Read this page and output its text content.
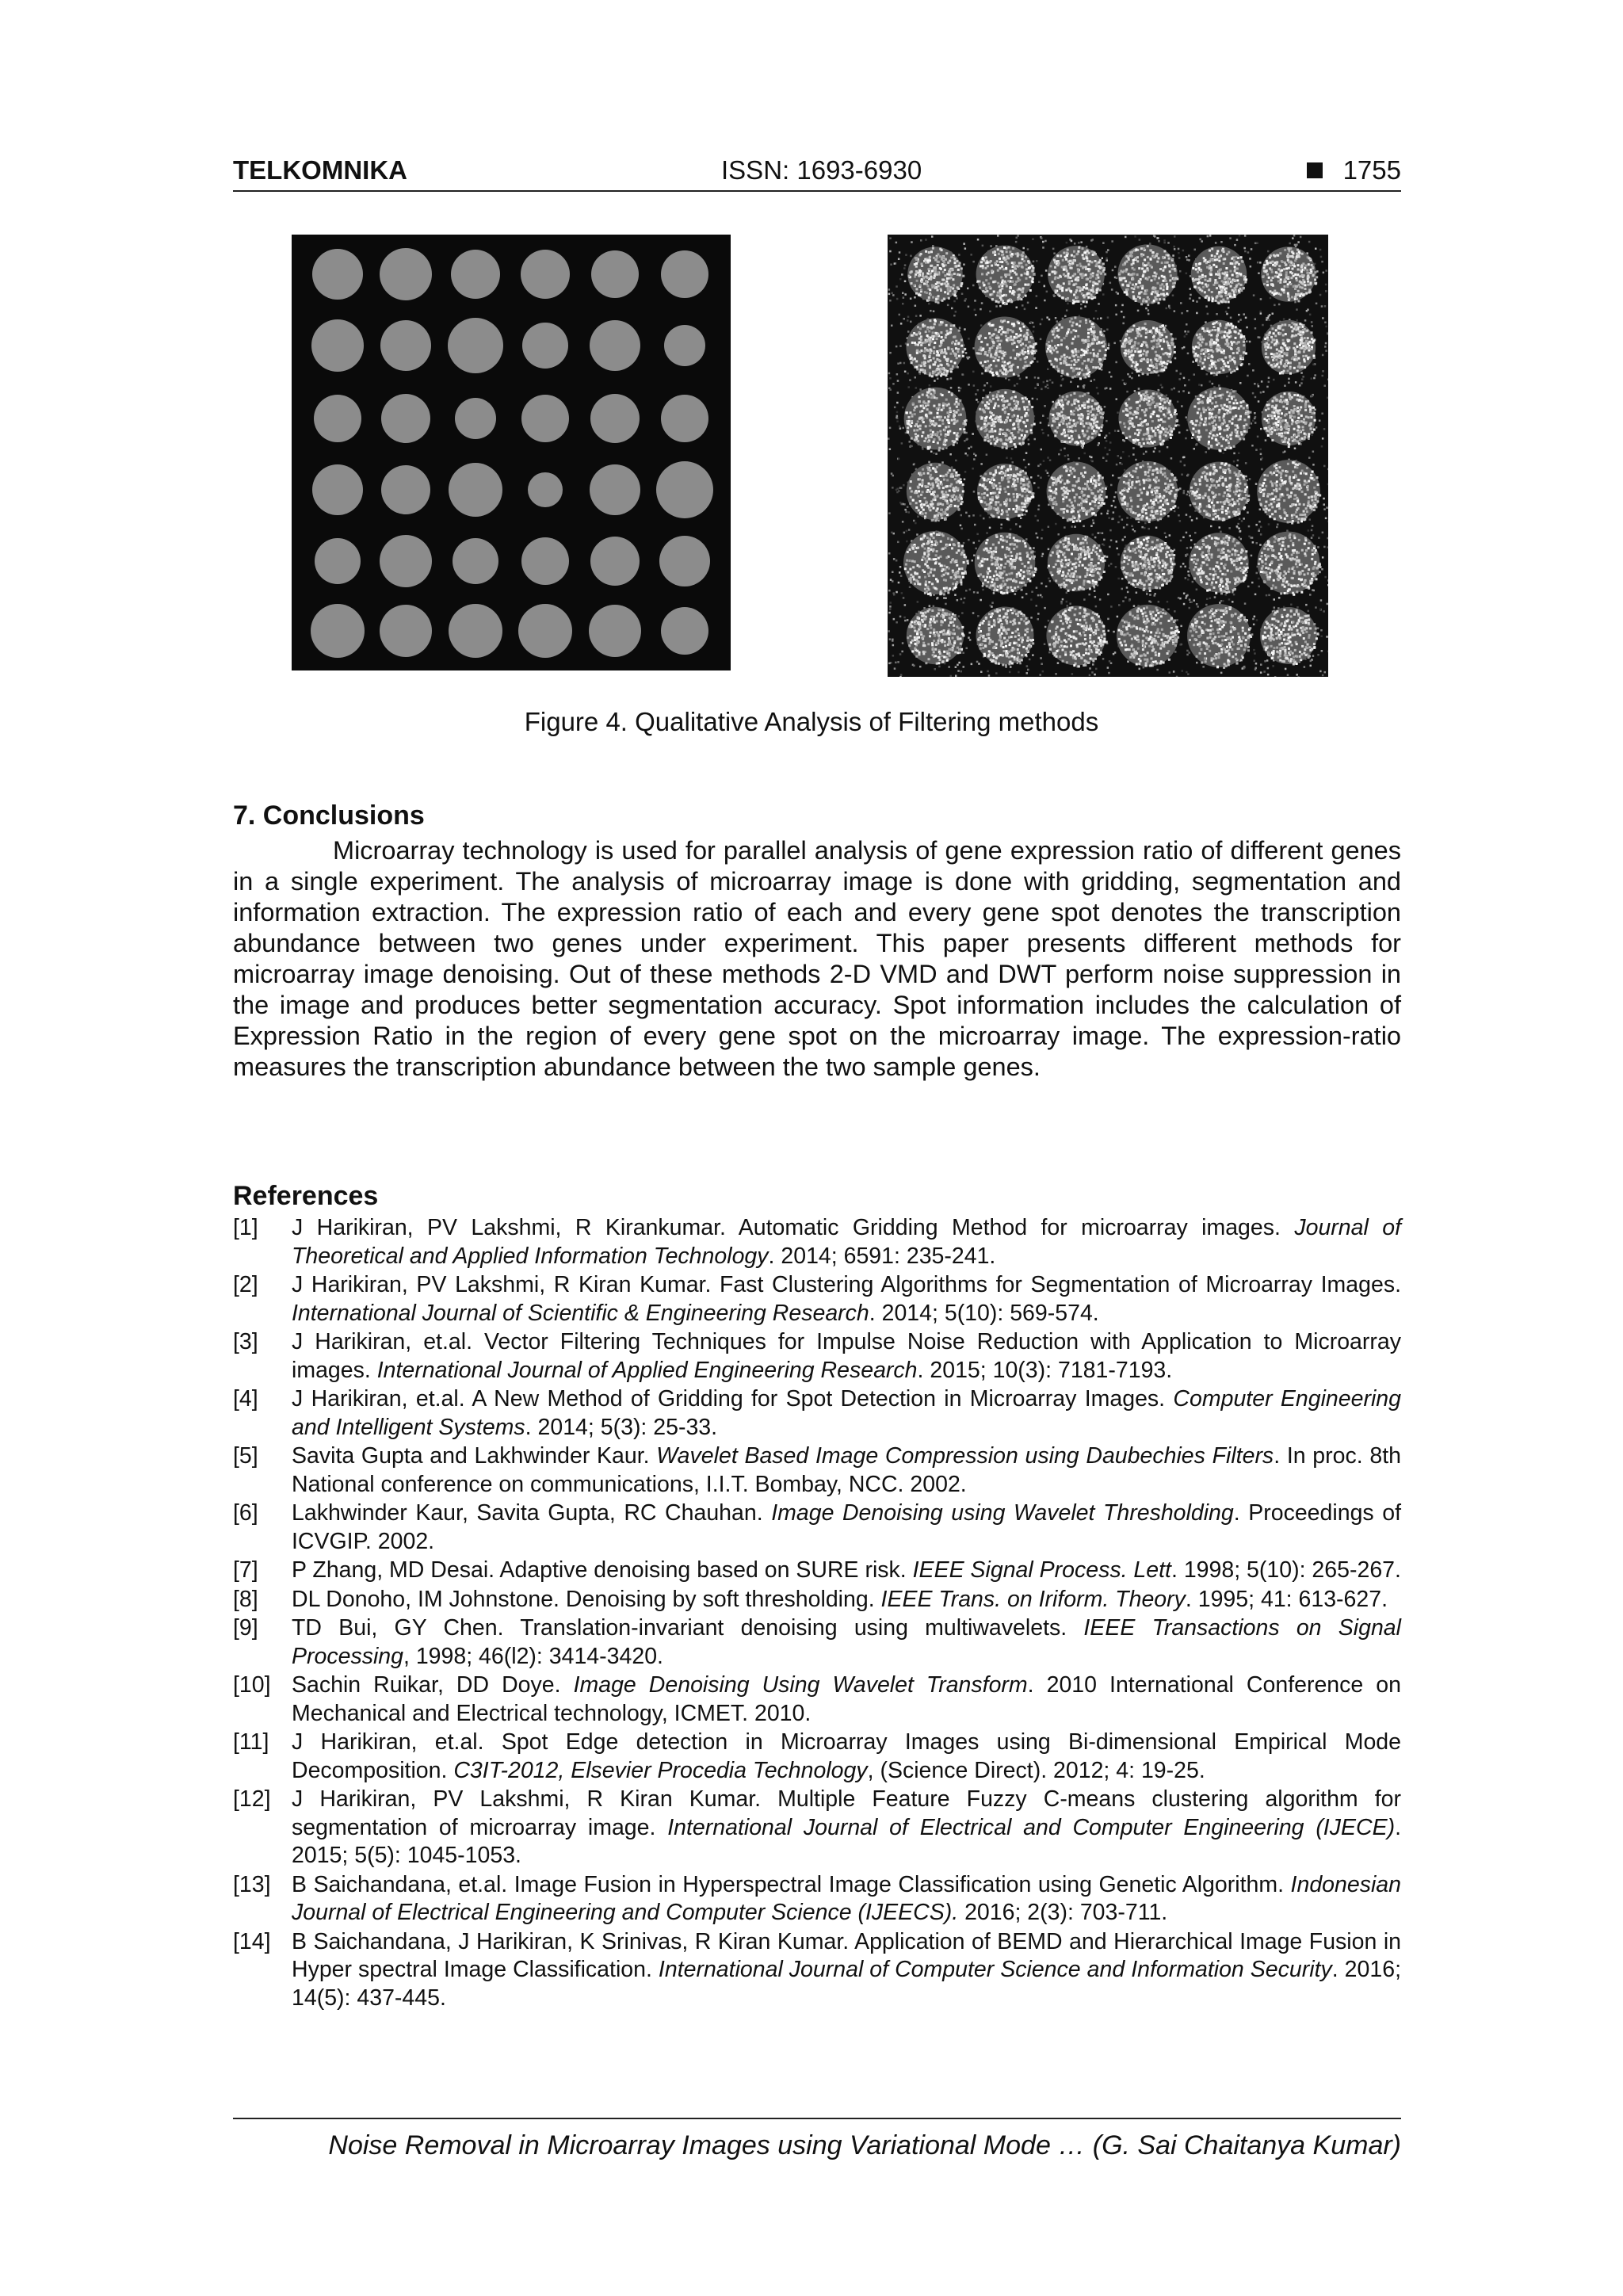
TELKOMNIKA	ISSN: 1693-6930	1755
Figure 4. Qualitative Analysis of Filtering methods
7. Conclusions

Microarray technology is used for parallel analysis of gene expression ratio of different genes in a single experiment. The analysis of microarray image is done with gridding, segmentation and information extraction. The expression ratio of each and every gene spot denotes the transcription abundance between two genes under experiment. This paper presents different methods for microarray image denoising. Out of these methods 2-D VMD and DWT perform noise suppression in the image and produces better segmentation accuracy. Spot information includes the calculation of Expression Ratio in the region of every gene spot on the microarray image. The expression-ratio measures the transcription abundance between the two sample genes.

References
[1]	J Harikiran, PV Lakshmi, R Kirankumar. Automatic Gridding Method for microarray images. Journal of Theoretical and Applied Information Technology. 2014; 6591: 235-241.
[2]	J Harikiran, PV Lakshmi, R Kiran Kumar. Fast Clustering Algorithms for Segmentation of Microarray Images. International Journal of Scientific & Engineering Research. 2014; 5(10): 569-574.
[3]	J Harikiran, et.al. Vector Filtering Techniques for Impulse Noise Reduction with Application to Microarray images. International Journal of Applied Engineering Research. 2015; 10(3): 7181-7193.
[4]	J Harikiran, et.al. A New Method of Gridding for Spot Detection in Microarray Images. Computer Engineering and Intelligent Systems. 2014; 5(3): 25-33.
[5]	Savita Gupta and Lakhwinder Kaur. Wavelet Based Image Compression using Daubechies Filters. In proc. 8th National conference on communications, I.I.T. Bombay, NCC. 2002.
[6]	Lakhwinder Kaur, Savita Gupta, RC Chauhan. Image Denoising using Wavelet Thresholding. Proceedings of ICVGIP. 2002.
[7]	P Zhang, MD Desai. Adaptive denoising based on SURE risk. IEEE Signal Process. Lett. 1998; 5(10): 265-267.
[8]	DL Donoho, IM Johnstone. Denoising by soft thresholding. IEEE Trans. on Iriform. Theory. 1995; 41: 613-627.
[9]	TD Bui, GY Chen. Translation-invariant denoising using multiwavelets. IEEE Transactions on Signal Processing, 1998; 46(l2): 3414-3420.
[10] Sachin Ruikar, DD Doye. Image Denoising Using Wavelet Transform. 2010 International Conference on Mechanical and Electrical technology, ICMET. 2010.
[11]	J Harikiran, et.al. Spot Edge detection in Microarray Images using Bi-dimensional Empirical Mode Decomposition. C3IT-2012, Elsevier Procedia Technology, (Science Direct). 2012; 4: 19-25.
[12] J Harikiran, PV Lakshmi, R Kiran Kumar. Multiple Feature Fuzzy C-means clustering algorithm for segmentation of microarray image. International Journal of Electrical and Computer Engineering (IJECE). 2015; 5(5): 1045-1053.
[13] B Saichandana, et.al. Image Fusion in Hyperspectral Image Classification using Genetic Algorithm. Indonesian Journal of Electrical Engineering and Computer Science (IJEECS). 2016; 2(3): 703-711.
[14] B Saichandana, J Harikiran, K Srinivas, R Kiran Kumar. Application of BEMD and Hierarchical Image Fusion in Hyper spectral Image Classification. International Journal of Computer Science and Information Security. 2016; 14(5): 437-445.
Noise Removal in Microarray Images using Variational Mode … (G. Sai Chaitanya Kumar)
